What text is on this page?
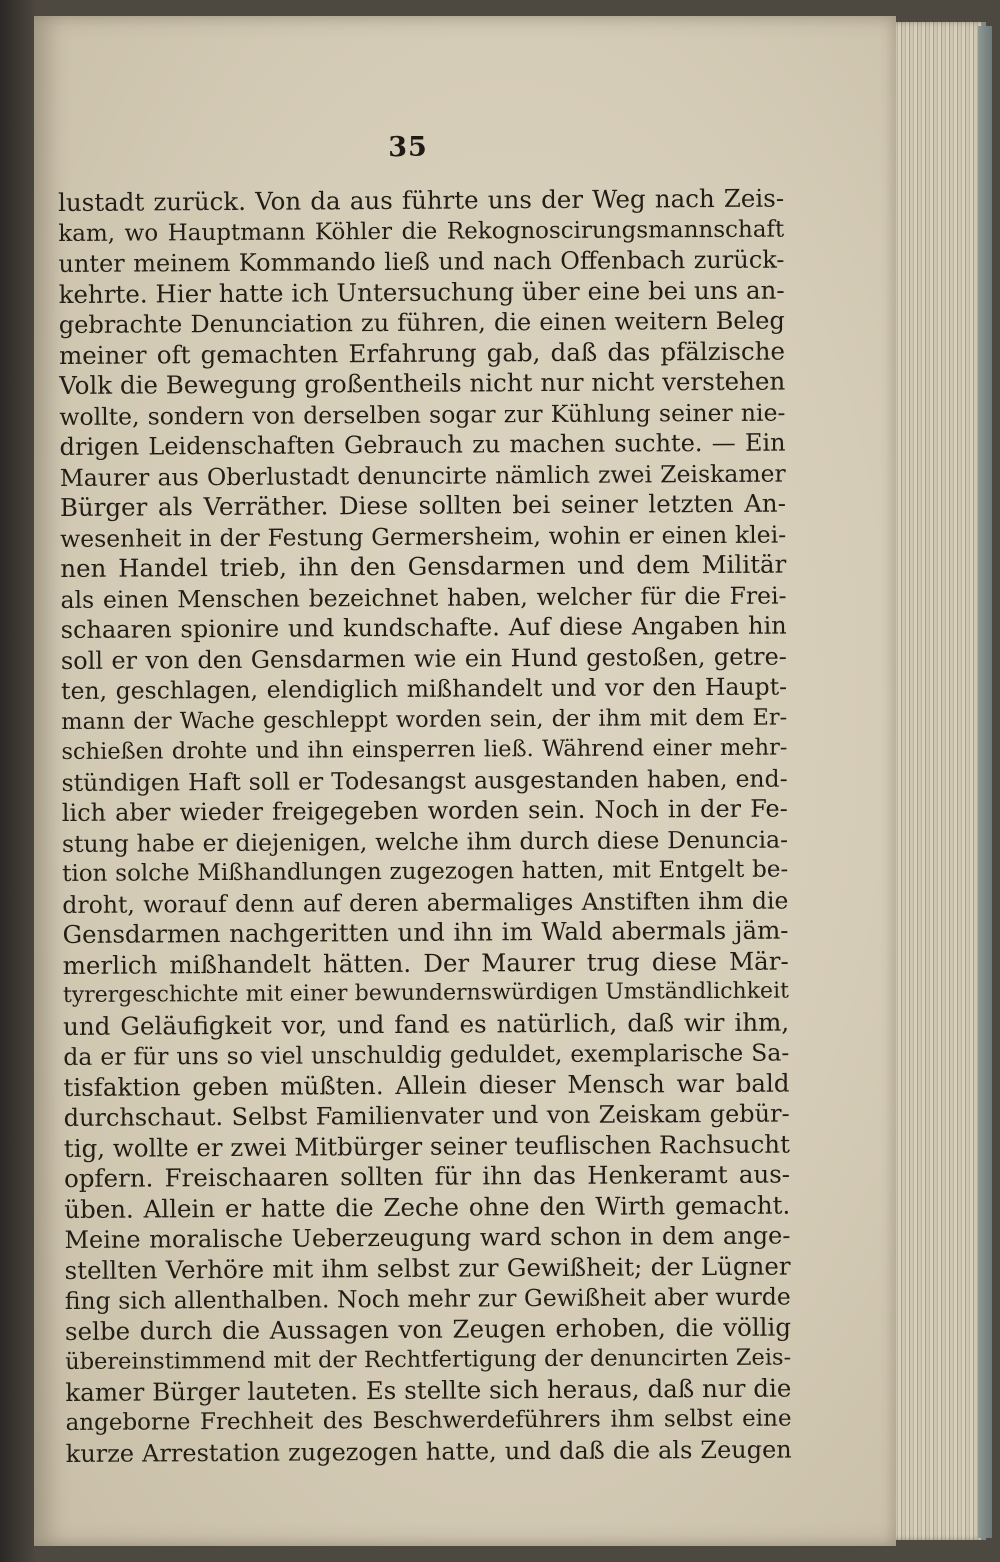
35
lustadt zurück. Von da aus führte uns der Weg nach Zeis-
kam, wo Hauptmann Köhler die Rekognoscirungsmannschaft
unter meinem Kommando ließ und nach Offenbach zurück-
kehrte. Hier hatte ich Untersuchung über eine bei uns an-
gebrachte Denunciation zu führen, die einen weitern Beleg
meiner oft gemachten Erfahrung gab, daß das pfälzische
Volk die Bewegung großentheils nicht nur nicht verstehen
wollte, sondern von derselben sogar zur Kühlung seiner nie-
drigen Leidenschaften Gebrauch zu machen suchte. — Ein
Maurer aus Oberlustadt denuncirte nämlich zwei Zeiskamer
Bürger als Verräther. Diese sollten bei seiner letzten An-
wesenheit in der Festung Germersheim, wohin er einen klei-
nen Handel trieb, ihn den Gensdarmen und dem Militär
als einen Menschen bezeichnet haben, welcher für die Frei-
schaaren spionire und kundschafte. Auf diese Angaben hin
soll er von den Gensdarmen wie ein Hund gestoßen, getre-
ten, geschlagen, elendiglich mißhandelt und vor den Haupt-
mann der Wache geschleppt worden sein, der ihm mit dem Er-
schießen drohte und ihn einsperren ließ. Während einer mehr-
stündigen Haft soll er Todesangst ausgestanden haben, end-
lich aber wieder freigegeben worden sein. Noch in der Fe-
stung habe er diejenigen, welche ihm durch diese Denuncia-
tion solche Mißhandlungen zugezogen hatten, mit Entgelt be-
droht, worauf denn auf deren abermaliges Anstiften ihm die
Gensdarmen nachgeritten und ihn im Wald abermals jäm-
merlich mißhandelt hätten. Der Maurer trug diese Mär-
tyrergeschichte mit einer bewundernswürdigen Umständlichkeit
und Geläufigkeit vor, und fand es natürlich, daß wir ihm,
da er für uns so viel unschuldig geduldet, exemplarische Sa-
tisfaktion geben müßten. Allein dieser Mensch war bald
durchschaut. Selbst Familienvater und von Zeiskam gebür-
tig, wollte er zwei Mitbürger seiner teuflischen Rachsucht
opfern. Freischaaren sollten für ihn das Henkeramt aus-
üben. Allein er hatte die Zeche ohne den Wirth gemacht.
Meine moralische Ueberzeugung ward schon in dem ange-
stellten Verhöre mit ihm selbst zur Gewißheit; der Lügner
fing sich allenthalben. Noch mehr zur Gewißheit aber wurde
selbe durch die Aussagen von Zeugen erhoben, die völlig
übereinstimmend mit der Rechtfertigung der denuncirten Zeis-
kamer Bürger lauteten. Es stellte sich heraus, daß nur die
angeborne Frechheit des Beschwerdeführers ihm selbst eine
kurze Arrestation zugezogen hatte, und daß die als Zeugen
